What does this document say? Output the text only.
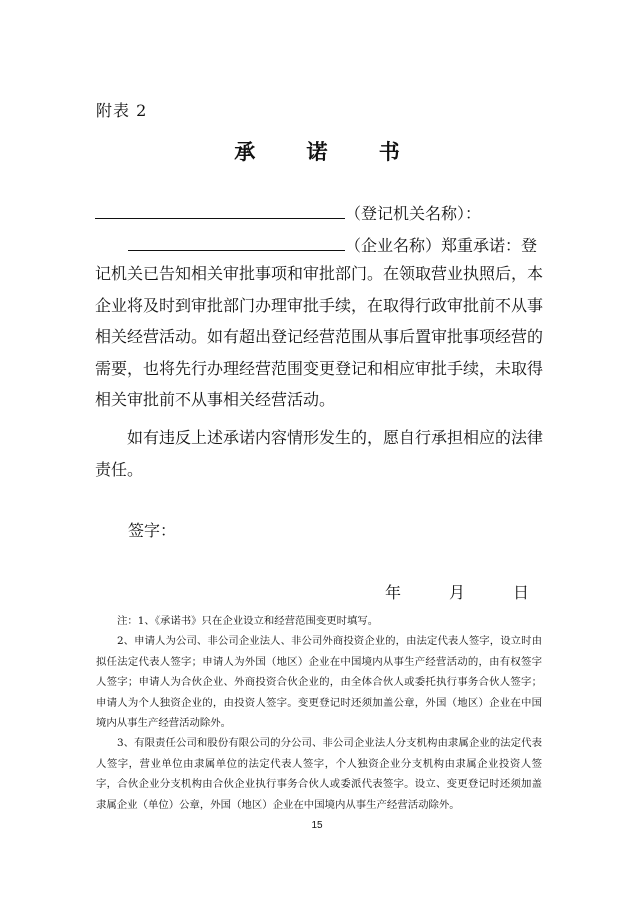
附表 2
承 诺 书
（登记机关名称）：
（企业名称）郑重承诺：登
记机关已告知相关审批事项和审批部门。在领取营业执照后，本企业将及时到审批部门办理审批手续，在取得行政审批前不从事相关经营活动。如有超出登记经营范围从事后置审批事项经营的需要，也将先行办理经营范围变更登记和相应审批手续，未取得相关审批前不从事相关经营活动。
如有违反上述承诺内容情形发生的，愿自行承担相应的法律责任。
签字：
年	月	日

注：1、《承诺书》只在企业设立和经营范围变更时填写。

2、申请人为公司、非公司企业法人、非公司外商投资企业的，由法定代表人签字，设立时由拟任法定代表人签字；申请人为外国（地区）企业在中国境内从事生产经营活动的，由有权签字人签字；申请人为合伙企业、外商投资合伙企业的，由全体合伙人或委托执行事务合伙人签字；申请人为个人独资企业的，由投资人签字。变更登记时还须加盖公章，外国（地区）企业在中国境内从事生产经营活动除外。

3、有限责任公司和股份有限公司的分公司、非公司企业法人分支机构由隶属企业的法定代表人签字，营业单位由隶属单位的法定代表人签字，个人独资企业分支机构由隶属企业投资人签字，合伙企业分支机构由合伙企业执行事务合伙人或委派代表签字。设立、变更登记时还须加盖隶属企业（单位）公章，外国（地区）企业在中国境内从事生产经营活动除外。

15
